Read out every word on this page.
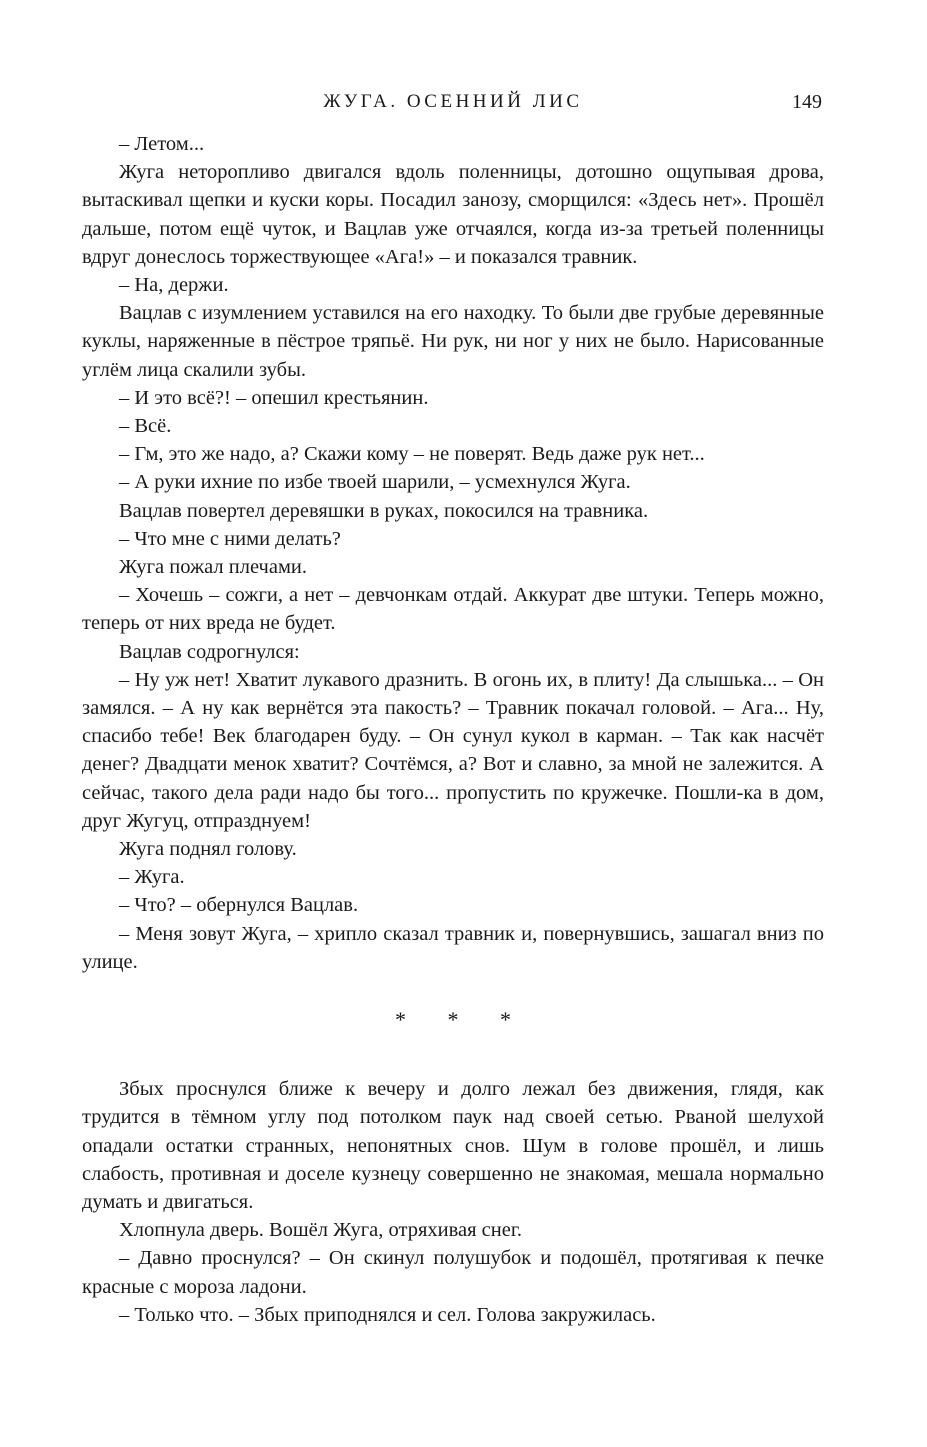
ЖУГА. ОСЕННИЙ ЛИС	149

– Летом...

Жуга неторопливо двигался вдоль поленницы, дотошно ощупывая дрова, вытаскивал щепки и куски коры. Посадил занозу, сморщился: «Здесь нет». Прошёл дальше, потом ещё чуток, и Вацлав уже отчаялся, когда из-за третьей поленницы вдруг донеслось торжествующее «Ага!» – и показался травник.

– На, держи.

Вацлав с изумлением уставился на его находку. То были две грубые деревянные куклы, наряженные в пёстрое тряпьё. Ни рук, ни ног у них не было. Нарисованные углём лица скалили зубы.

– И это всё?! – опешил крестьянин.

– Всё.

– Гм, это же надо, а? Скажи кому – не поверят. Ведь даже рук нет...

– А руки ихние по избе твоей шарили, – усмехнулся Жуга.

Вацлав повертел деревяшки в руках, покосился на травника.

– Что мне с ними делать?

Жуга пожал плечами.

– Хочешь – сожги, а нет – девчонкам отдай. Аккурат две штуки. Теперь можно, теперь от них вреда не будет.

Вацлав содрогнулся:

– Ну уж нет! Хватит лукавого дразнить. В огонь их, в плиту! Да слышька... – Он замялся. – А ну как вернётся эта пакость? – Травник покачал головой. – Ага... Ну, спасибо тебе! Век благодарен буду. – Он сунул кукол в карман. – Так как насчёт денег? Двадцати менок хватит? Сочтёмся, а? Вот и славно, за мной не залежится. А сейчас, такого дела ради надо бы того... пропустить по кружечке. Пошли-ка в дом, друг Жугуц, отпразднуем!

Жуга поднял голову.

– Жуга.

– Что? – обернулся Вацлав.

– Меня зовут Жуга, – хрипло сказал травник и, повернувшись, зашагал вниз по улице.

* * *

Збых проснулся ближе к вечеру и долго лежал без движения, глядя, как трудится в тёмном углу под потолком паук над своей сетью. Рваной шелухой опадали остатки странных, непонятных снов. Шум в голове прошёл, и лишь слабость, противная и доселе кузнецу совершенно не знакомая, мешала нормально думать и двигаться.

Хлопнула дверь. Вошёл Жуга, отряхивая снег.

– Давно проснулся? – Он скинул полушубок и подошёл, протягивая к печке красные с мороза ладони.

– Только что. – Збых приподнялся и сел. Голова закружилась.
